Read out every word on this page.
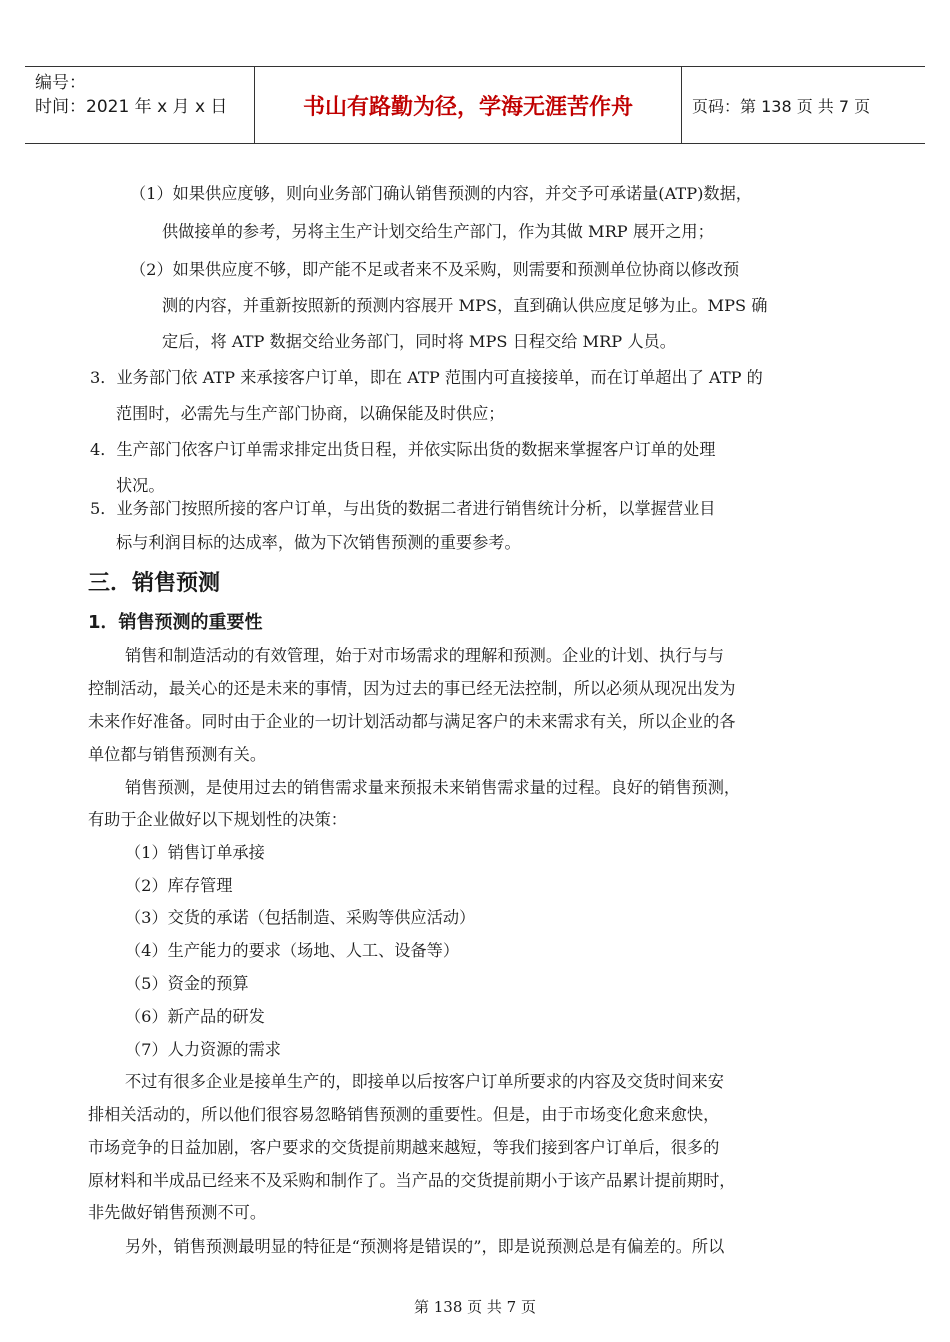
编号：
时间：2021 年 x 月 x 日	书山有路勤为径，学海无涯苦作舟	页码：第 138 页 共 7 页
（1）如果供应度够，则向业务部门确认销售预测的内容，并交予可承诺量(ATP)数据，
供做接单的参考，另将主生产计划交给生产部门，作为其做 MRP 展开之用；
（2）如果供应度不够，即产能不足或者来不及采购，则需要和预测单位协商以修改预
测的内容，并重新按照新的预测内容展开 MPS，直到确认供应度足够为止。MPS 确
定后，将 ATP 数据交给业务部门，同时将 MPS 日程交给 MRP 人员。
3．业务部门依 ATP 来承接客户订单，即在 ATP 范围内可直接接单，而在订单超出了 ATP 的
范围时，必需先与生产部门协商，以确保能及时供应；
4．生产部门依客户订单需求排定出货日程，并依实际出货的数据来掌握客户订单的处理
状况。
5．业务部门按照所接的客户订单，与出货的数据二者进行销售统计分析，以掌握营业目
标与利润目标的达成率，做为下次销售预测的重要参考。
三．销售预测
1．销售预测的重要性
销售和制造活动的有效管理，始于对市场需求的理解和预测。企业的计划、执行与与
控制活动，最关心的还是未来的事情，因为过去的事已经无法控制，所以必须从现况出发为
未来作好准备。同时由于企业的一切计划活动都与满足客户的未来需求有关，所以企业的各
单位都与销售预测有关。
销售预测，是使用过去的销售需求量来预报未来销售需求量的过程。良好的销售预测，
有助于企业做好以下规划性的决策：
（1）销售订单承接
（2）库存管理
（3）交货的承诺（包括制造、采购等供应活动）
（4）生产能力的要求（场地、人工、设备等）
（5）资金的预算
（6）新产品的研发
（7）人力资源的需求
不过有很多企业是接单生产的，即接单以后按客户订单所要求的内容及交货时间来安
排相关活动的，所以他们很容易忽略销售预测的重要性。但是，由于市场变化愈来愈快，
市场竞争的日益加剧，客户要求的交货提前期越来越短，等我们接到客户订单后，很多的
原材料和半成品已经来不及采购和制作了。当产品的交货提前期小于该产品累计提前期时，
非先做好销售预测不可。
另外，销售预测最明显的特征是“预测将是错误的”，即是说预测总是有偏差的。所以
第 138 页 共 7 页
